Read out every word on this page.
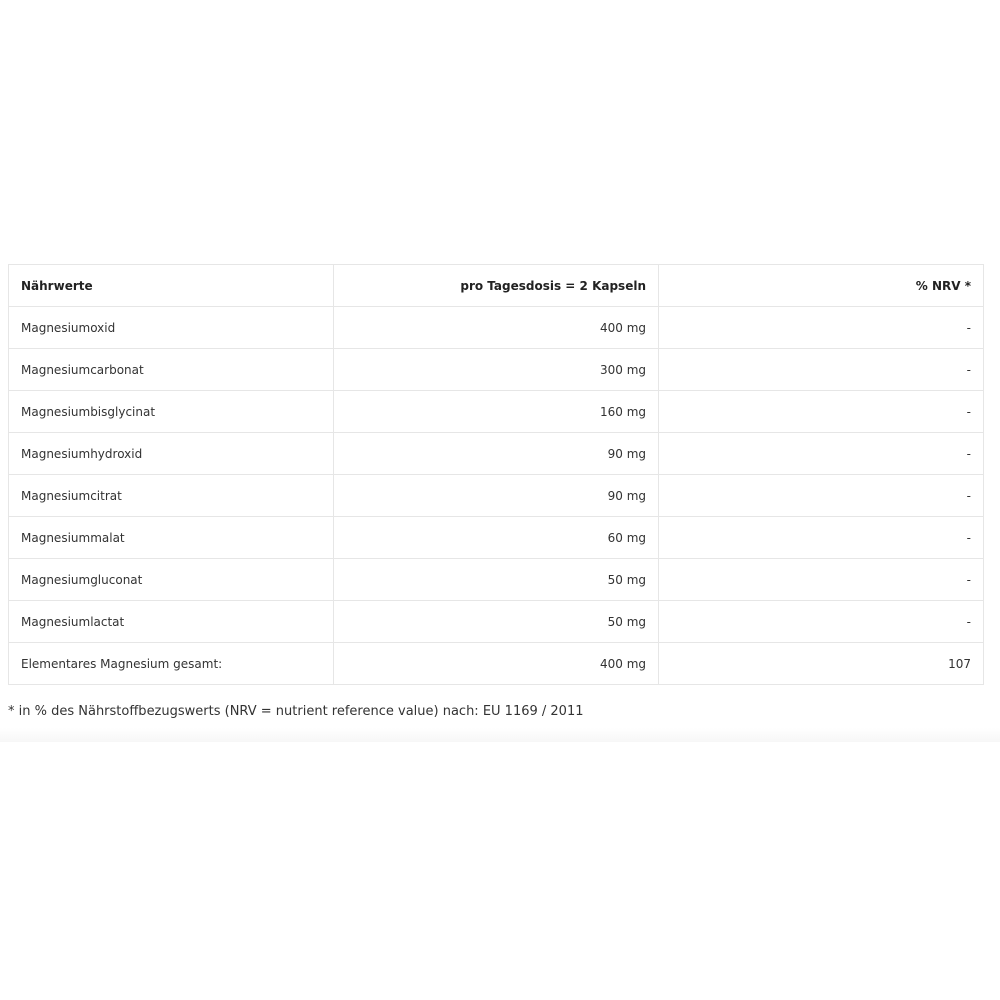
Nährwerte	pro Tagesdosis = 2 Kapseln	% NRV *
Magnesiumoxid	400 mg	-
Magnesiumcarbonat	300 mg	-
Magnesiumbisglycinat	160 mg	-
Magnesiumhydroxid	90 mg	-
Magnesiumcitrat	90 mg	-
Magnesiummalat	60 mg	-
Magnesiumgluconat	50 mg	-
Magnesiumlactat	50 mg	-
Elementares Magnesium gesamt:	400 mg	107
* in % des Nährstoffbezugswerts (NRV = nutrient reference value) nach: EU 1169 / 2011
